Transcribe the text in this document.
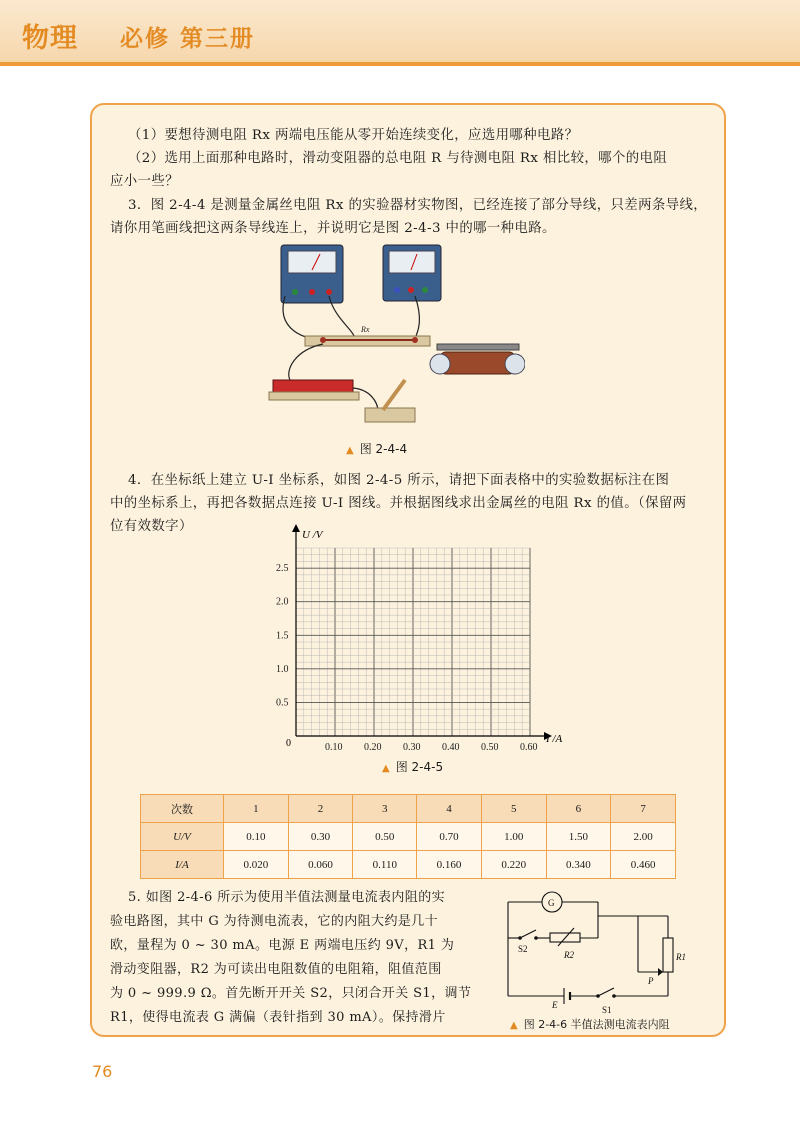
物理 必修 第三册
（1）要想待测电阻 Rx 两端电压能从零开始连续变化，应选用哪种电路？
（2）选用上面那种电路时，滑动变阻器的总电阻 R 与待测电阻 Rx 相比较，哪个的电阻
应小一些？
3．图 2-4-4 是测量金属丝电阻 Rx 的实验器材实物图，已经连接了部分导线，只差两条导线，
请你用笔画线把这两条导线连上，并说明它是图 2-4-3 中的哪一种电路。
Rx
▲ 图 2-4-4
4．在坐标纸上建立 U-I 坐标系，如图 2-4-5 所示，请把下面表格中的实验数据标注在图
中的坐标系上，再把各数据点连接 U-I 图线。并根据图线求出金属丝的电阻 Rx 的值。（保留两
位有效数字）
0.5
1.0
1.5
2.0
2.5
0.10 0.20 0.30 0.40 0.50 0.60
U /V
I /A
0
▲ 图 2-4-5
次数	1	2	3	4	5	6	7
U/V	0.10	0.30	0.50	0.70	1.00	1.50	2.00
I/A	0.020	0.060	0.110	0.160	0.220	0.340	0.460
5. 如图 2-4-6 所示为使用半值法测量电流表内阻的实
验电路图，其中 G 为待测电流表，它的内阻大约是几十
欧，量程为 0 ~ 30 mA。电源 E 两端电压约 9V，R1 为
滑动变阻器，R2 为可读出电阻数值的电阻箱，阻值范围
为 0 ~ 999.9 Ω。首先断开开关 S2，只闭合开关 S1，调节
R1，使得电流表 G 满偏（表针指到 30 mA）。保持滑片
G
S2
R2	R1
P
E	S1
▲ 图 2-4-6 半值法测电流表内阻
76
